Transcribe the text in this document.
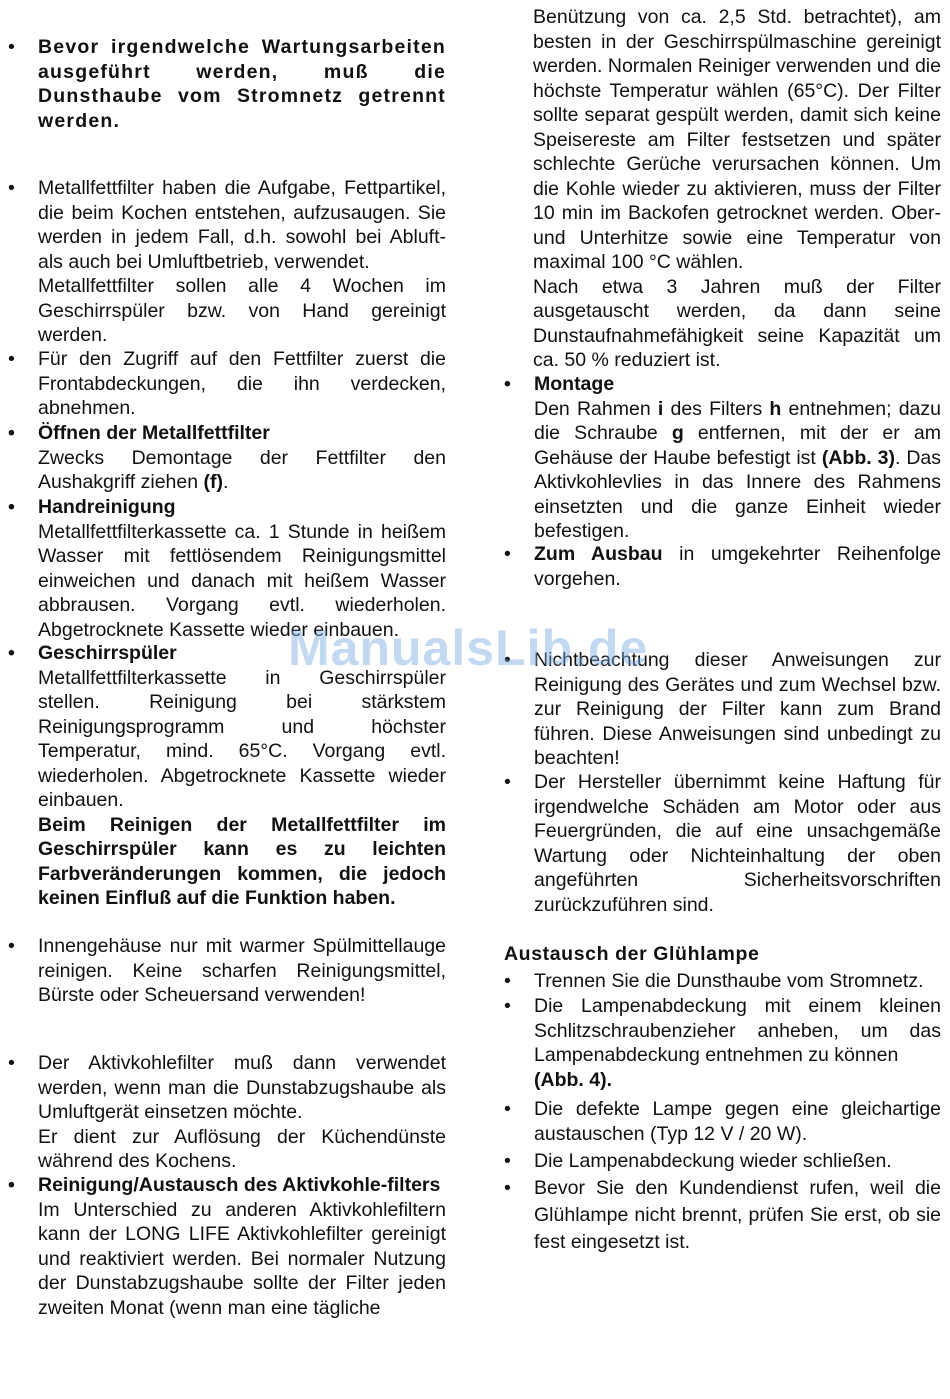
•
Bevor irgendwelche Wartungsarbeiten ausgeführt werden, muß die Dunsthaube vom Stromnetz getrennt werden.
•
Metallfettfilter haben die Aufgabe, Fettpartikel, die beim Kochen entstehen, aufzusaugen. Sie werden in jedem Fall, d.h. sowohl bei Abluft- als auch bei Umluftbetrieb, verwendet.
Metallfettfilter sollen alle 4 Wochen im Geschirrspüler bzw. von Hand gereinigt werden.
•
Für den Zugriff auf den Fettfilter zuerst die Frontabdeckungen, die ihn verdecken, abnehmen.
•
Öffnen der Metallfettfilter
Zwecks Demontage der Fettfilter den Aushakgriff ziehen (f).
•
Handreinigung
Metallfettfilterkassette ca. 1 Stunde in heißem Wasser mit fettlösendem Reinigungsmittel einweichen und danach mit heißem Wasser abbrausen. Vorgang evtl. wiederholen. Abgetrocknete Kassette wieder einbauen.
•
Geschirrspüler
Metallfettfilterkassette in Geschirrspüler stellen. Reinigung bei stärkstem Reinigungsprogramm und höchster Temperatur, mind. 65°C. Vorgang evtl. wiederholen. Abgetrocknete Kassette wieder einbauen.
Beim Reinigen der Metallfettfilter im Geschirrspüler kann es zu leichten Farbveränderungen kommen, die jedoch keinen Einfluß auf die Funktion haben.
•
Innengehäuse nur mit warmer Spülmittellauge reinigen. Keine scharfen Reinigungsmittel, Bürste oder Scheuersand verwenden!
•
Der Aktivkohlefilter muß dann verwendet werden, wenn man die Dunstabzugshaube als Umluftgerät einsetzen möchte.
Er dient zur Auflösung der Küchendünste während des Kochens.
•
Reinigung/Austausch des Aktivkohle-filters
Im Unterschied zu anderen Aktivkohlefiltern kann der LONG LIFE Aktivkohlefilter gereinigt und reaktiviert werden. Bei normaler Nutzung der Dunstabzugshaube sollte der Filter jeden zweiten Monat (wenn man eine tägliche
Benützung von ca. 2,5 Std. betrachtet), am besten in der Geschirrspülmaschine gereinigt werden. Normalen Reiniger verwenden und die höchste Temperatur wählen (65°C). Der Filter sollte separat gespült werden, damit sich keine Speisereste am Filter festsetzen und später schlechte Gerüche verursachen können. Um die Kohle wieder zu aktivieren, muss der Filter 10 min im Backofen getrocknet werden. Ober- und Unterhitze sowie eine Temperatur von maximal 100 °C wählen.
Nach etwa 3 Jahren muß der Filter ausgetauscht werden, da dann seine Dunstaufnahmefähigkeit seine Kapazität um ca. 50 % reduziert ist.
•
Montage
Den Rahmen i des Filters h entnehmen; dazu die Schraube g entfernen, mit der er am Gehäuse der Haube befestigt ist (Abb. 3). Das Aktivkohlevlies in das Innere des Rahmens einsetzten und die ganze Einheit wieder befestigen.
•
Zum Ausbau in umgekehrter Reihenfolge vorgehen.
•
Nichtbeachtung dieser Anweisungen zur Reinigung des Gerätes und zum Wechsel bzw. zur Reinigung der Filter kann zum Brand führen. Diese Anweisungen sind unbedingt zu beachten!
•
Der Hersteller übernimmt keine Haftung für irgendwelche Schäden am Motor oder aus Feuergründen, die auf eine unsachgemäße Wartung oder Nichteinhaltung der oben angeführten Sicherheitsvorschriften zurückzuführen sind.
Austausch der Glühlampe
•
Trennen Sie die Dunsthaube vom Stromnetz.
•
Die Lampenabdeckung mit einem kleinen Schlitzschraubenzieher anheben, um das Lampenabdeckung entnehmen zu können
(Abb. 4).
•
Die defekte Lampe gegen eine gleichartige austauschen (Typ 12 V / 20 W).
•
Die Lampenabdeckung wieder schließen.
•
Bevor Sie den Kundendienst rufen, weil die Glühlampe nicht brennt, prüfen Sie erst, ob sie fest eingesetzt ist.
ManualsLib.de
